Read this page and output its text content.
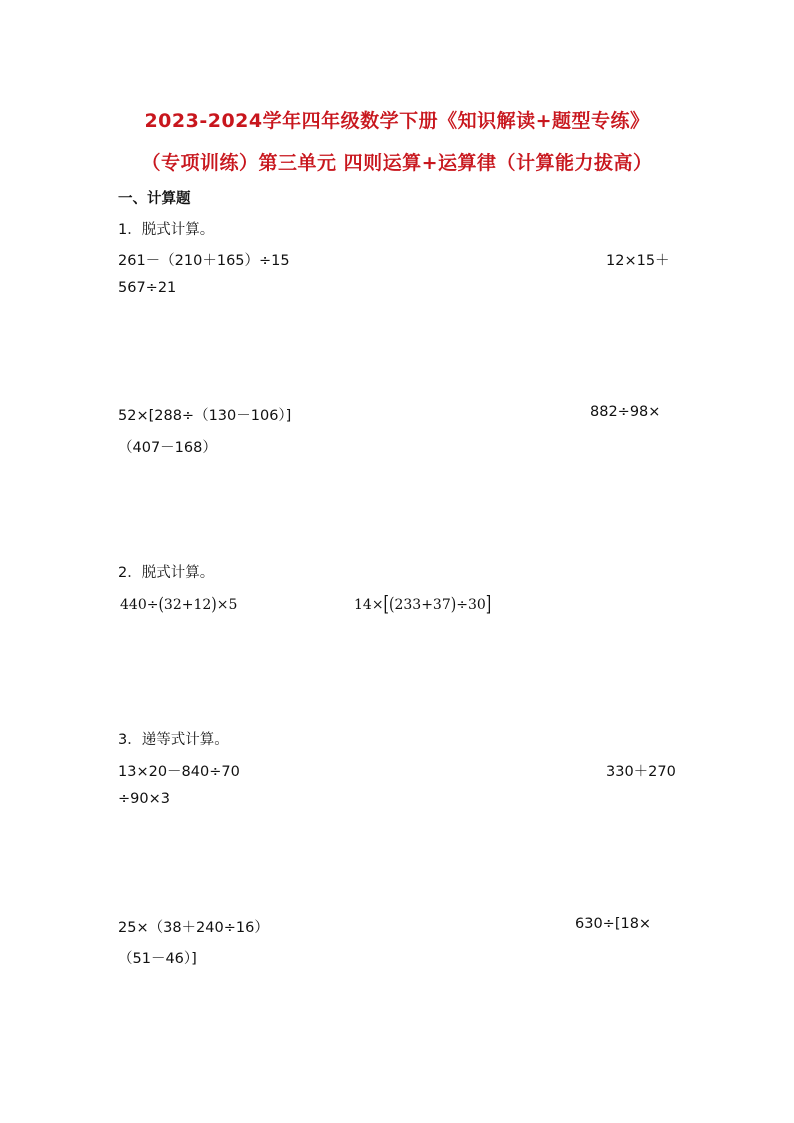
2023-2024学年四年级数学下册《知识解读+题型专练》
（专项训练）第三单元 四则运算+运算律（计算能力拔高）
一、计算题
1．脱式计算。
261－（210＋165）÷15	12×15＋
567÷21
52×[288÷（130－106）]	882÷98×
（407－168）
2．脱式计算。
440÷(32+12)×5	14×[(233+37)÷30]
3．递等式计算。
13×20－840÷70	330＋270
÷90×3
25×（38＋240÷16）	630÷[18×
（51－46）]
